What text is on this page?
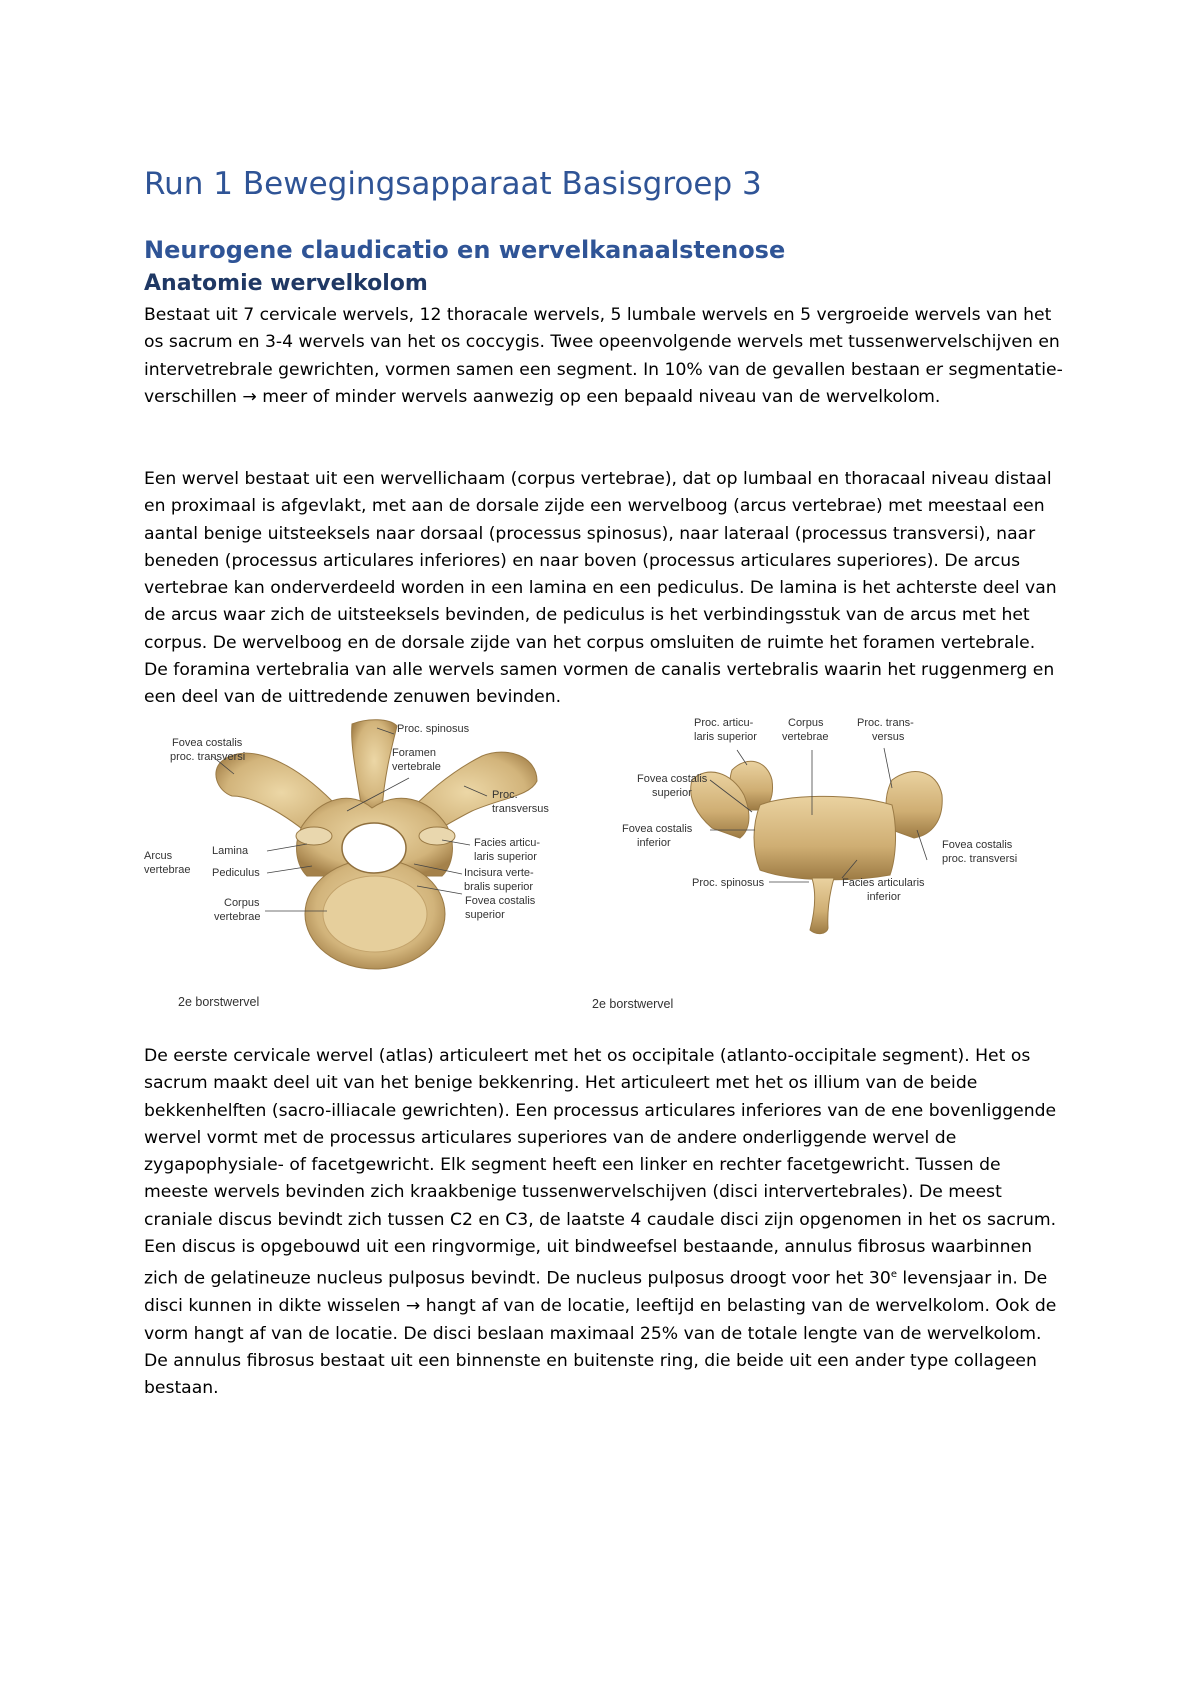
Run 1 Bewegingsapparaat Basisgroep 3
Neurogene claudicatio en wervelkanaalstenose
Anatomie wervelkolom

Bestaat uit 7 cervicale wervels, 12 thoracale wervels, 5 lumbale wervels en 5 vergroeide wervels van het os sacrum en 3-4 wervels van het os coccygis. Twee opeenvolgende wervels met tussenwervelschijven en intervetrebrale gewrichten, vormen samen een segment. In 10% van de gevallen bestaan er segmentatie-verschillen → meer of minder wervels aanwezig op een bepaald niveau van de wervelkolom.

Een wervel bestaat uit een wervellichaam (corpus vertebrae), dat op lumbaal en thoracaal niveau distaal en proximaal is afgevlakt, met aan de dorsale zijde een wervelboog (arcus vertebrae) met meestaal een aantal benige uitsteeksels naar dorsaal (processus spinosus), naar lateraal (processus transversi), naar beneden (processus articulares inferiores) en naar boven (processus articulares superiores). De arcus vertebrae kan onderverdeeld worden in een lamina en een pediculus. De lamina is het achterste deel van de arcus waar zich de uitsteeksels bevinden, de pediculus is het verbindingsstuk van de arcus met het corpus. De wervelboog en de dorsale zijde van het corpus omsluiten de ruimte het foramen vertebrale. De foramina vertebralia van alle wervels samen vormen de canalis vertebralis waarin het ruggenmerg en een deel van de uittredende zenuwen bevinden.

Proc. spinosus
Fovea costalis
proc. transversi	Foramen
vertebrale
Proc.
transversus
Arcus
vertebrae
Lamina
Pediculus
Facies articu-
laris superior
Incisura verte-
bralis superior
Corpus
vertebrae
Fovea costalis
superior
2e borstwervel
Proc. articu-
laris superior
Corpus
vertebrae
Proc. trans-
versus
Fovea costalis
superior
Fovea costalis
inferior	Fovea costalis
proc. transversi
Proc. spinosus	Facies articularis
inferior
2e borstwervel

De eerste cervicale wervel (atlas) articuleert met het os occipitale (atlanto-occipitale segment). Het os sacrum maakt deel uit van het benige bekkenring. Het articuleert met het os illium van de beide bekkenhelften (sacro-illiacale gewrichten). Een processus articulares inferiores van de ene bovenliggende wervel vormt met de processus articulares superiores van de andere onderliggende wervel de zygapophysiale- of facetgewricht. Elk segment heeft een linker en rechter facetgewricht. Tussen de meeste wervels bevinden zich kraakbenige tussenwervelschijven (disci intervertebrales). De meest craniale discus bevindt zich tussen C2 en C3, de laatste 4 caudale disci zijn opgenomen in het os sacrum. Een discus is opgebouwd uit een ringvormige, uit bindweefsel bestaande, annulus fibrosus waarbinnen zich de gelatineuze nucleus pulposus bevindt. De nucleus pulposus droogt voor het 30e levensjaar in. De disci kunnen in dikte wisselen → hangt af van de locatie, leeftijd en belasting van de wervelkolom. Ook de vorm hangt af van de locatie. De disci beslaan maximaal 25% van de totale lengte van de wervelkolom. De annulus fibrosus bestaat uit een binnenste en buitenste ring, die beide uit een ander type collageen bestaan.
